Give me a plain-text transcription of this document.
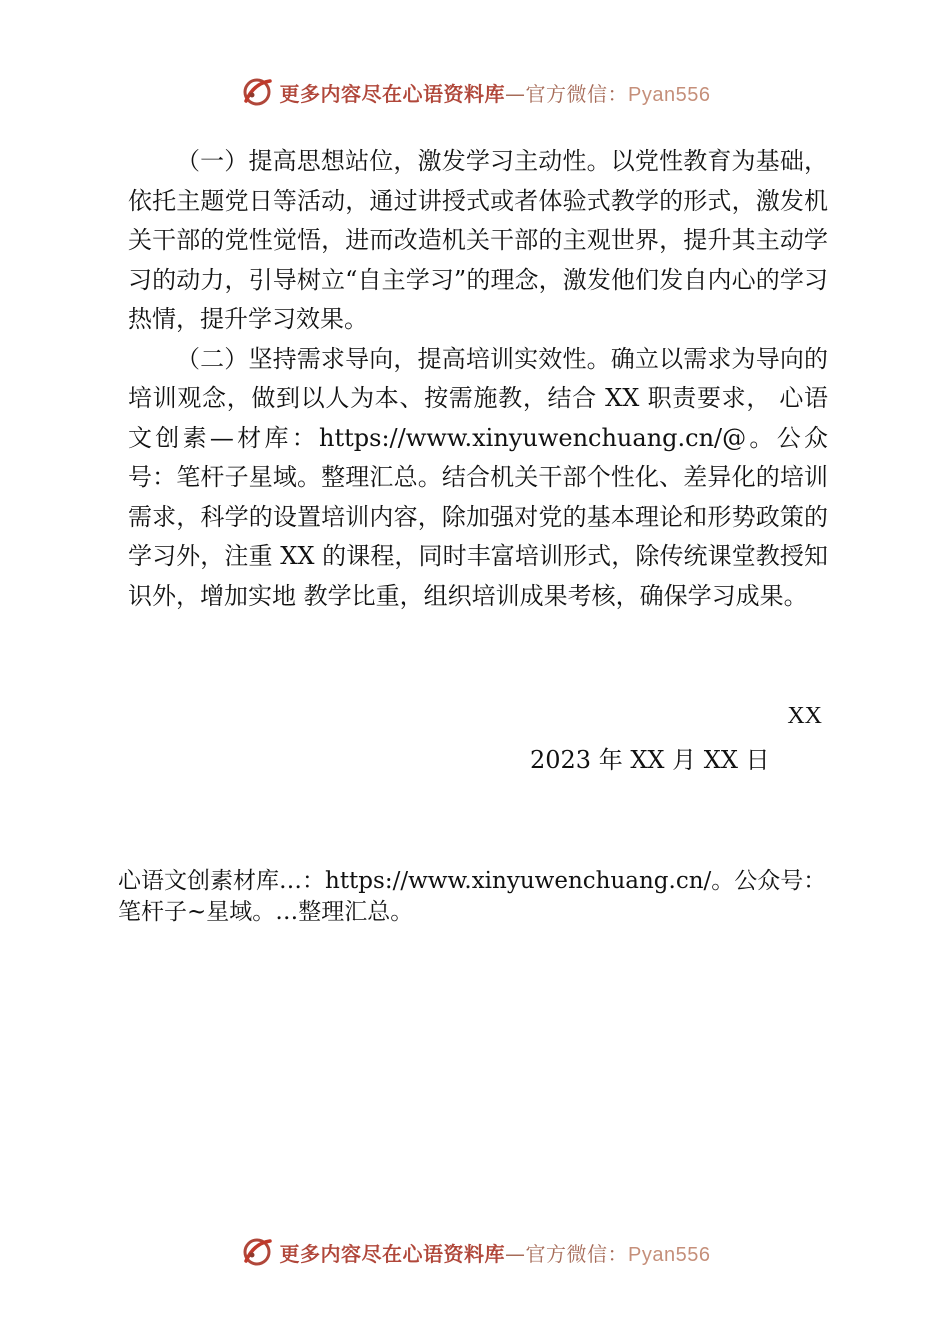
更多内容尽在心语资料库—官方微信：Pyan556

（一）提高思想站位，激发学习主动性。以党性教育为基础，依托主题党日等活动，通过讲授式或者体验式教学的形式，激发机关干部的党性觉悟，进而改造机关干部的主观世界，提升其主动学习的动力，引导树立“自主学习”的理念，激发他们发自内心的学习热情，提升学习效果。

（二）坚持需求导向，提高培训实效性。确立以需求为导向的培训观念，做到以人为本、按需施教，结合 XX 职责要求， 心语文创素—材库：https://www.xinyuwenchuang.cn/@。公众号：笔杆子星域。整理汇总。结合机关干部个性化、差异化的培训需求，科学的设置培训内容，除加强对党的基本理论和形势政策的学习外，注重 XX 的课程，同时丰富培训形式，除传统课堂教授知识外，增加实地 教学比重，组织培训成果考核，确保学习成果。

XX
2023 年 XX 月 XX 日
心语文创素材库…：https://www.xinyuwenchuang.cn/。公众号：笔杆子~星域。…整理汇总。
更多内容尽在心语资料库—官方微信：Pyan556
